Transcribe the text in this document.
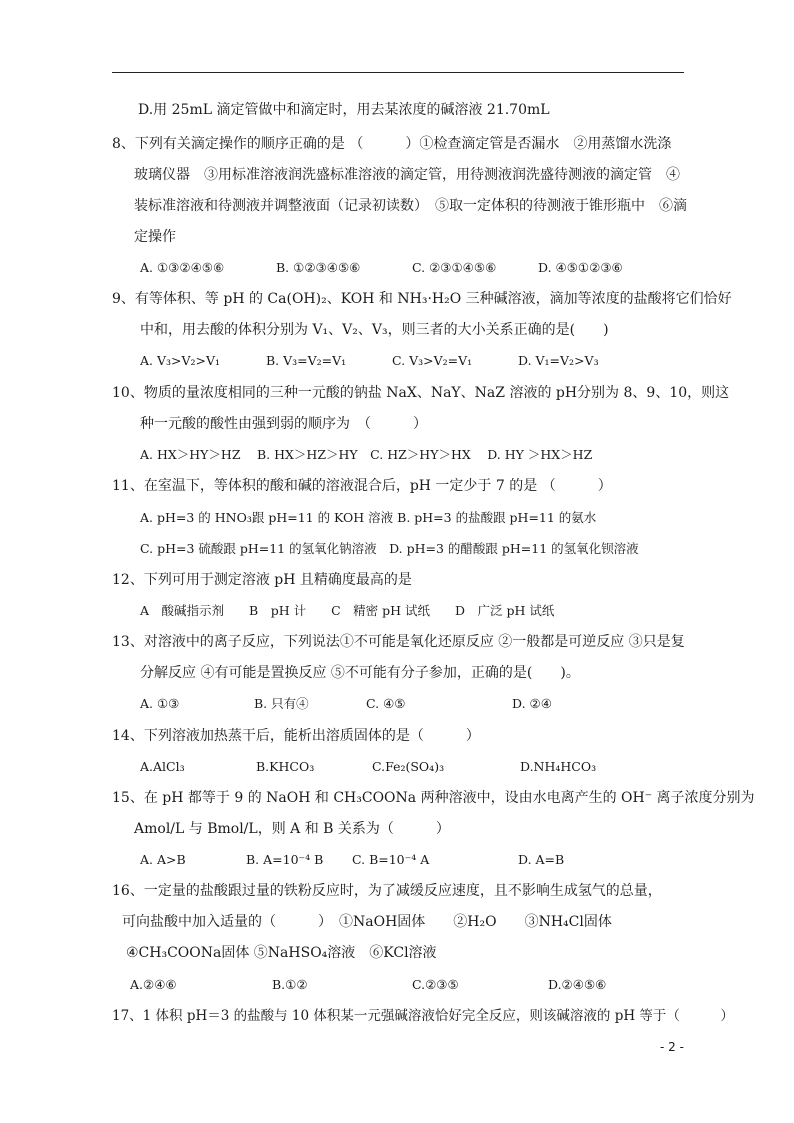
D.用 25mL 滴定管做中和滴定时，用去某浓度的碱溶液 21.70mL
8、下列有关滴定操作的顺序正确的是 （　　　）①检查滴定管是否漏水　②用蒸馏水洗涤
玻璃仪器　③用标准溶液润洗盛标准溶液的滴定管，用待测液润洗盛待测液的滴定管　④
装标准溶液和待测液并调整液面（记录初读数）　⑤取一定体积的待测液于锥形瓶中　⑥滴
定操作
A. ①③②④⑤⑥	B. ①②③④⑤⑥	C. ②③①④⑤⑥	D. ④⑤①②③⑥
9、有等体积、等 pH 的 Ca(OH)₂、KOH 和 NH₃·H₂O 三种碱溶液，滴加等浓度的盐酸将它们恰好
中和，用去酸的体积分别为 V₁、V₂、V₃，则三者的大小关系正确的是(　　)
A. V₃>V₂>V₁	B. V₃=V₂=V₁	C. V₃>V₂=V₁	D. V₁=V₂>V₃
10、物质的量浓度相同的三种一元酸的钠盐 NaX、NaY、NaZ 溶液的 pH分别为 8、9、10，则这
种一元酸的酸性由强到弱的顺序为　（　　　）
A. HX＞HY＞HZ　 B. HX＞HZ＞HY　C. HZ＞HY＞HX　 D. HY ＞HX＞HZ
11、在室温下，等体积的酸和碱的溶液混合后，pH 一定少于 7 的是 （　　　）
A. pH=3 的 HNO₃跟 pH=11 的 KOH 溶液 B. pH=3 的盐酸跟 pH=11 的氨水
C. pH=3 硫酸跟 pH=11 的氢氧化钠溶液　D. pH=3 的醋酸跟 pH=11 的氢氧化钡溶液
12、下列可用于测定溶液 pH 且精确度最高的是
A　酸碱指示剂　　B　pH 计　　C　精密 pH 试纸　　D　广泛 pH 试纸
13、对溶液中的离子反应，下列说法①不可能是氧化还原反应 ②一般都是可逆反应 ③只是复
分解反应 ④有可能是置换反应 ⑤不可能有分子参加，正确的是(　　)。
A. ①③	B. 只有④	C. ④⑤	D. ②④
14、下列溶液加热蒸干后，能析出溶质固体的是（　　　）
A.AlCl₃	B.KHCO₃	C.Fe₂(SO₄)₃	D.NH₄HCO₃
15、在 pH 都等于 9 的 NaOH 和 CH₃COONa 两种溶液中，设由水电离产生的 OH⁻ 离子浓度分别为
Amol/L 与 Bmol/L，则 A 和 B 关系为（　　　）
A. A>B	B. A=10⁻⁴ B C. B=10⁻⁴ A	D. A=B
16、一定量的盐酸跟过量的铁粉反应时，为了减缓反应速度，且不影响生成氢气的总量，
可向盐酸中加入适量的（　　　）　①NaOH固体　　②H₂O　　③NH₄Cl固体
④CH₃COONa固体 ⑤NaHSO₄溶液　⑥KCl溶液
A.②④⑥	B.①②	C.②③⑤	D.②④⑤⑥
17、1 体积 pH＝3 的盐酸与 10 体积某一元强碱溶液恰好完全反应，则该碱溶液的 pH 等于（　　　）
- 2 -
